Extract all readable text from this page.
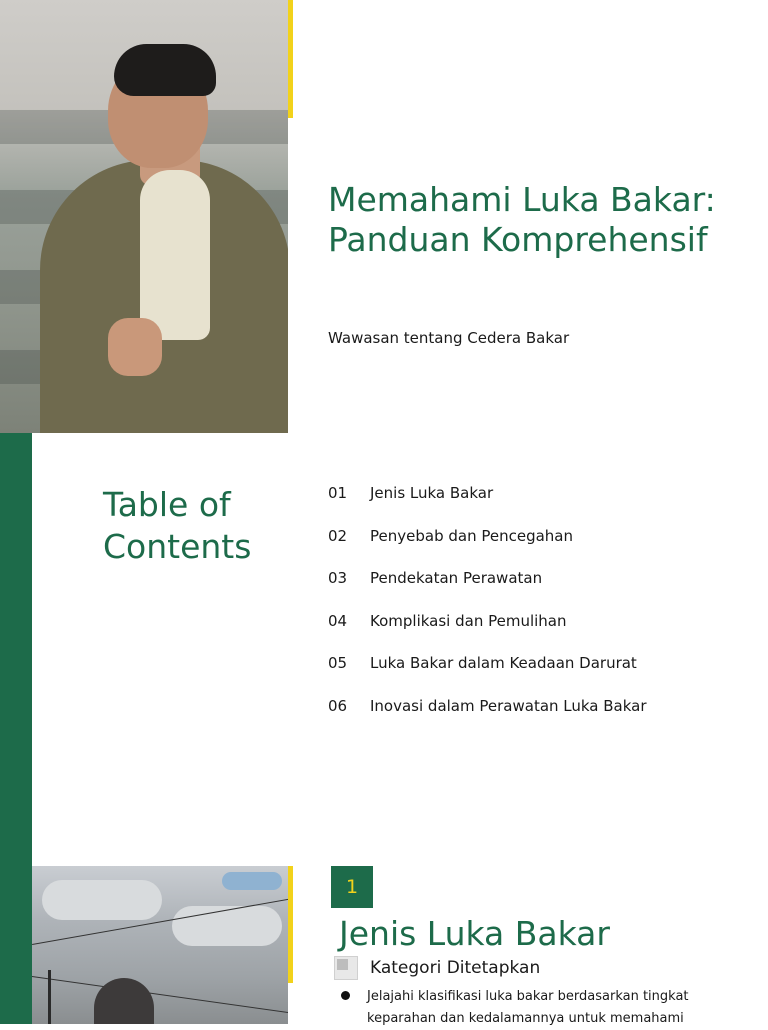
Memahami Luka Bakar: Panduan Komprehensif
Wawasan tentang Cedera Bakar
Table of Contents
01	Jenis Luka Bakar
02	Penyebab dan Pencegahan
03	Pendekatan Perawatan
04	Komplikasi dan Pemulihan
05	Luka Bakar dalam Keadaan Darurat
06	Inovasi dalam Perawatan Luka Bakar
1
Jenis Luka Bakar
Kategori Ditetapkan
Jelajahi klasifikasi luka bakar berdasarkan tingkat keparahan dan kedalamannya untuk memahami
